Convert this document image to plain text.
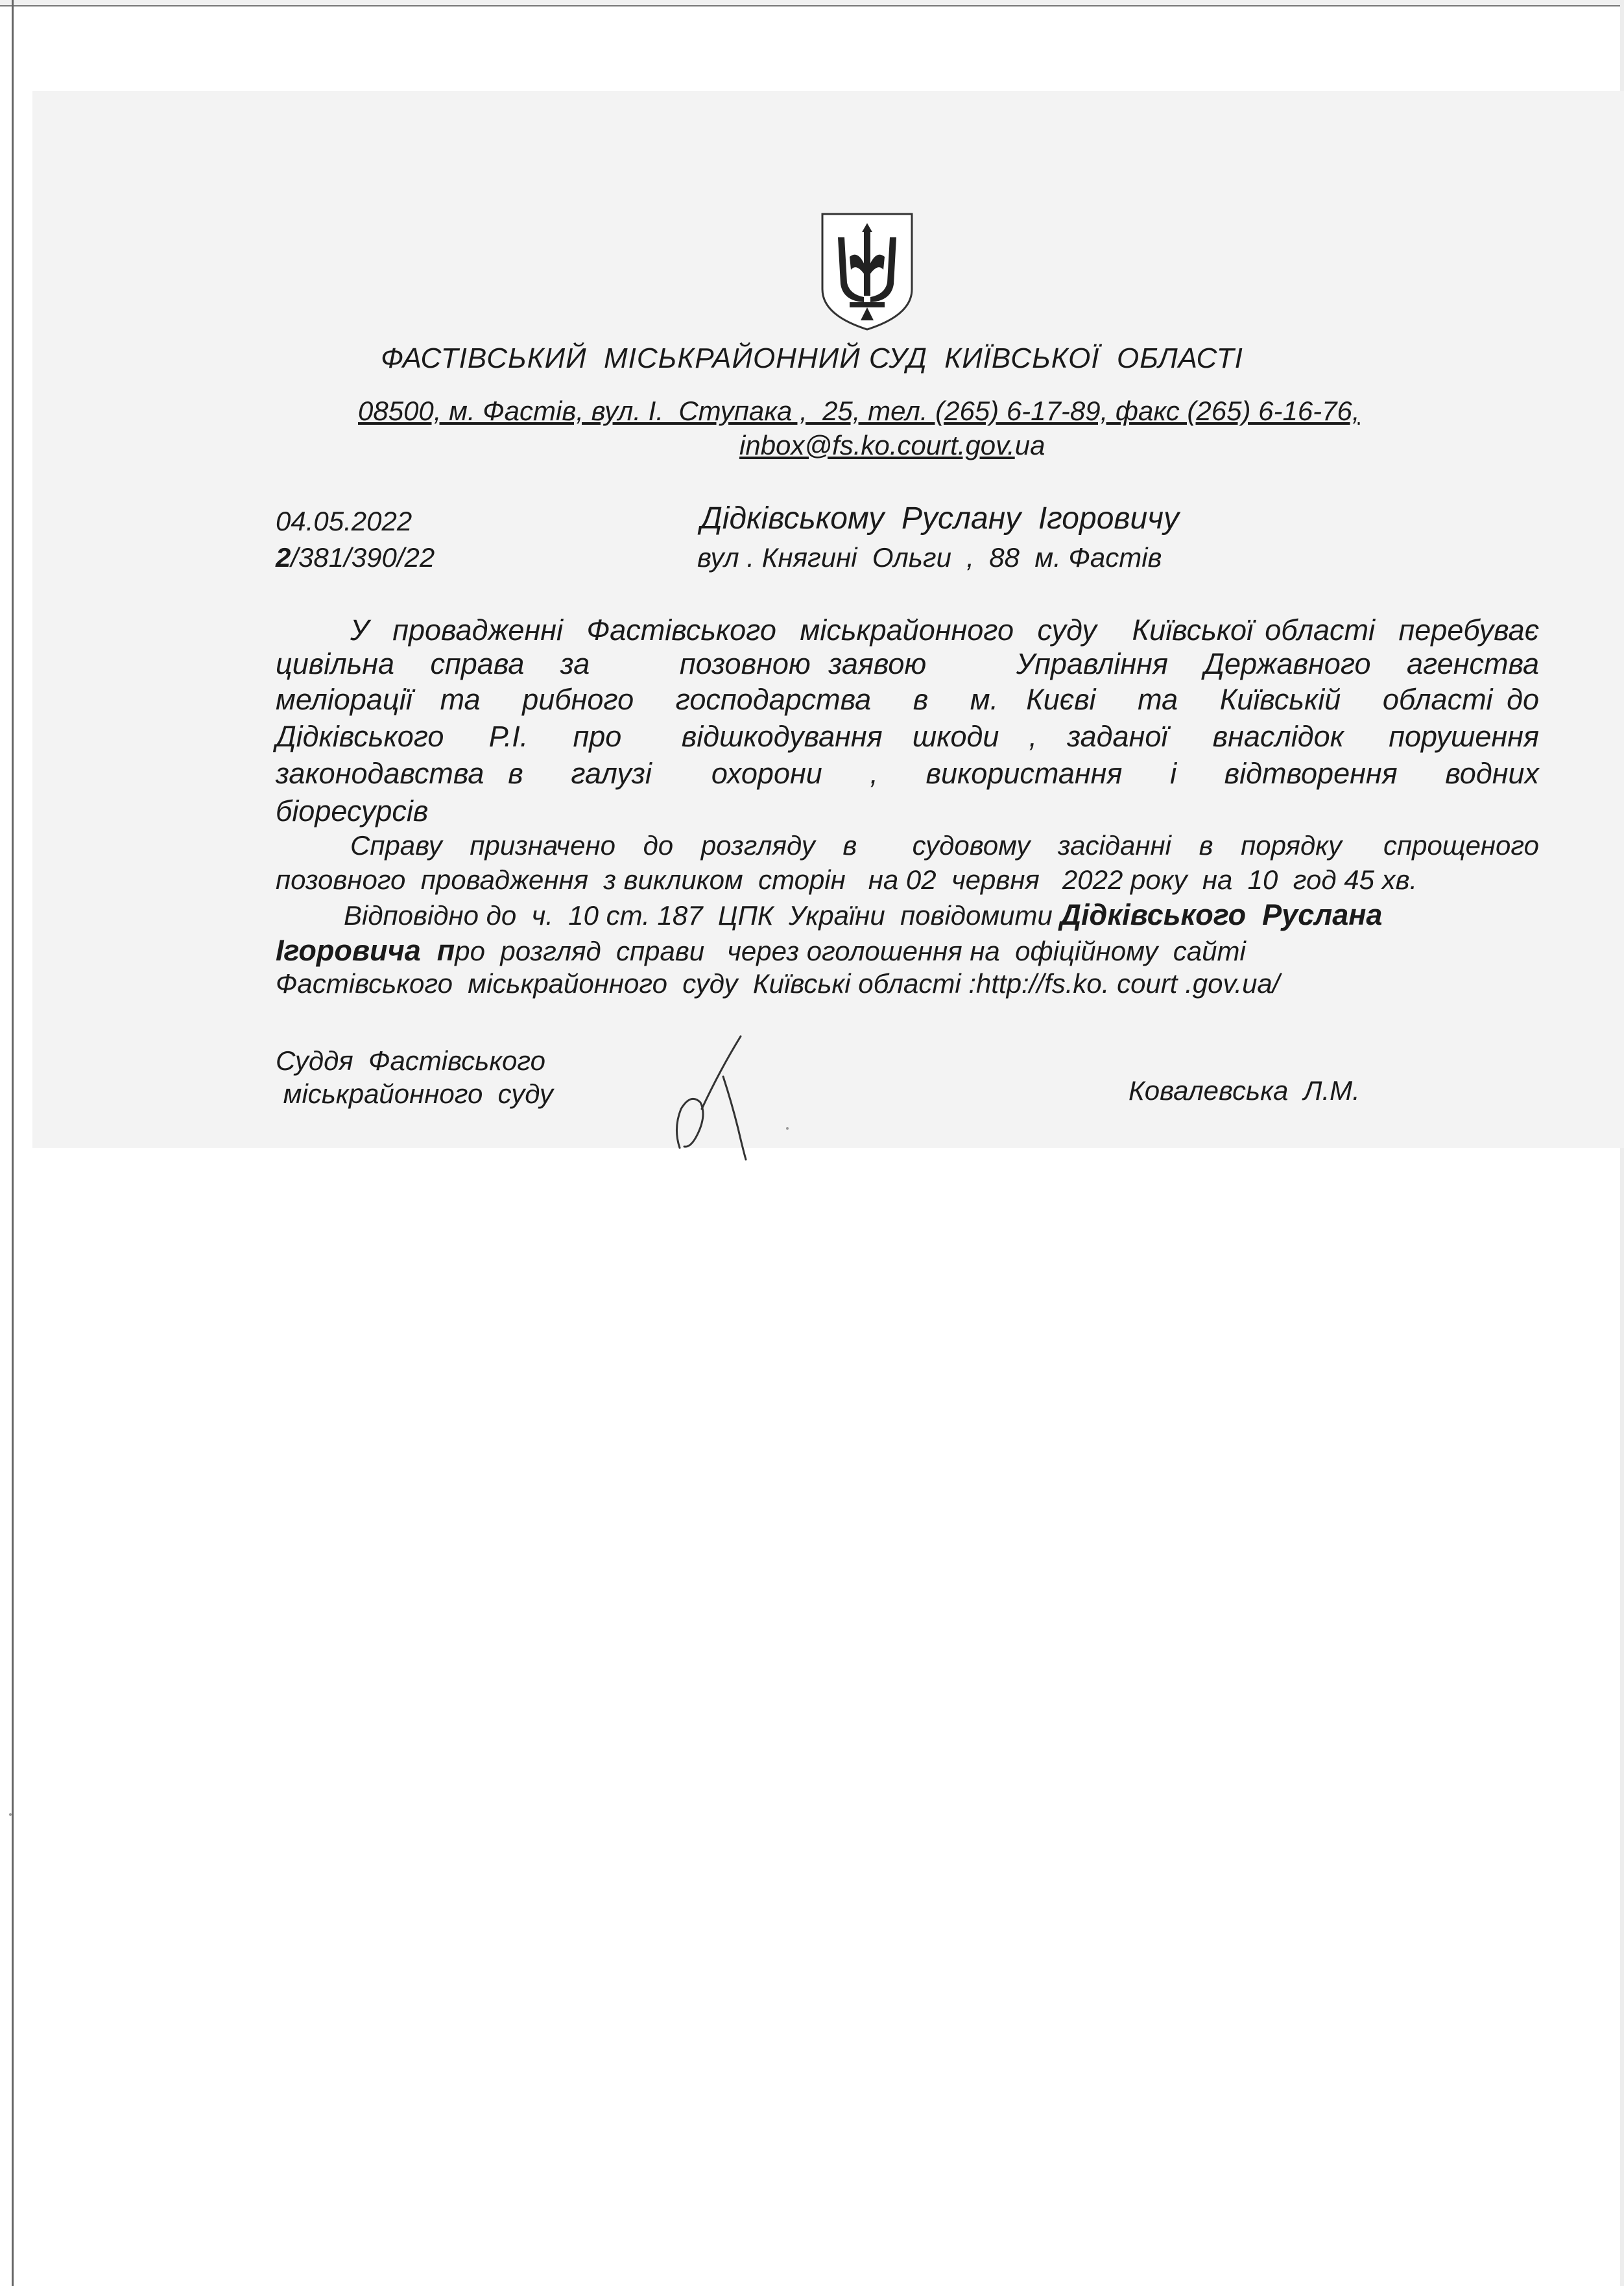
ФАСТІВСЬКИЙ  МІСЬКРАЙОННИЙ СУД  КИЇВСЬКОЇ  ОБЛАСТІ
08500, м. Фастів, вул. І.  Ступака ,  25, тел. (265) 6-17-89, факс (265) 6-16-76,
inbox@fs.ko.court.gov.ua
04.05.2022
2/381/390/22
Дідківському  Руслану  Ігоровичу
вул . Княгині  Ольги  ,  88  м. Фастів
У  провадженні  Фастівського  міськрайонного  суду   Київської області  перебуває
цивільна  справа  за     позовною заявою     Управління  Державного  агенства
меліорації  та   рибного   господарства   в   м.  Києві   та   Київській   області до
Дідківського   Р.І.   про    відшкодування  шкоди  ,  заданої   внаслідок   порушення
законодавства  в    галузі     охорони    ,    використання    і    відтворення    водних
біоресурсів
Справу  призначено  до  розгляду  в    судовому  засіданні  в  порядку   спрощеного
позовного  провадження  з викликом  сторін   на 02  червня   2022 року  на  10  год 45 хв.
Відповідно до  ч.  10 ст. 187  ЦПК  України  повідомити Дідківського  Руслана
Ігоровича  про  розгляд  справи   через оголошення на  офіційному  сайті
Фастівського  міськрайонного  суду  Київські області :http://fs.ko. court .gov.ua/
Суддя  Фастівського
міськрайонного  суду	Ковалевська  Л.М.
